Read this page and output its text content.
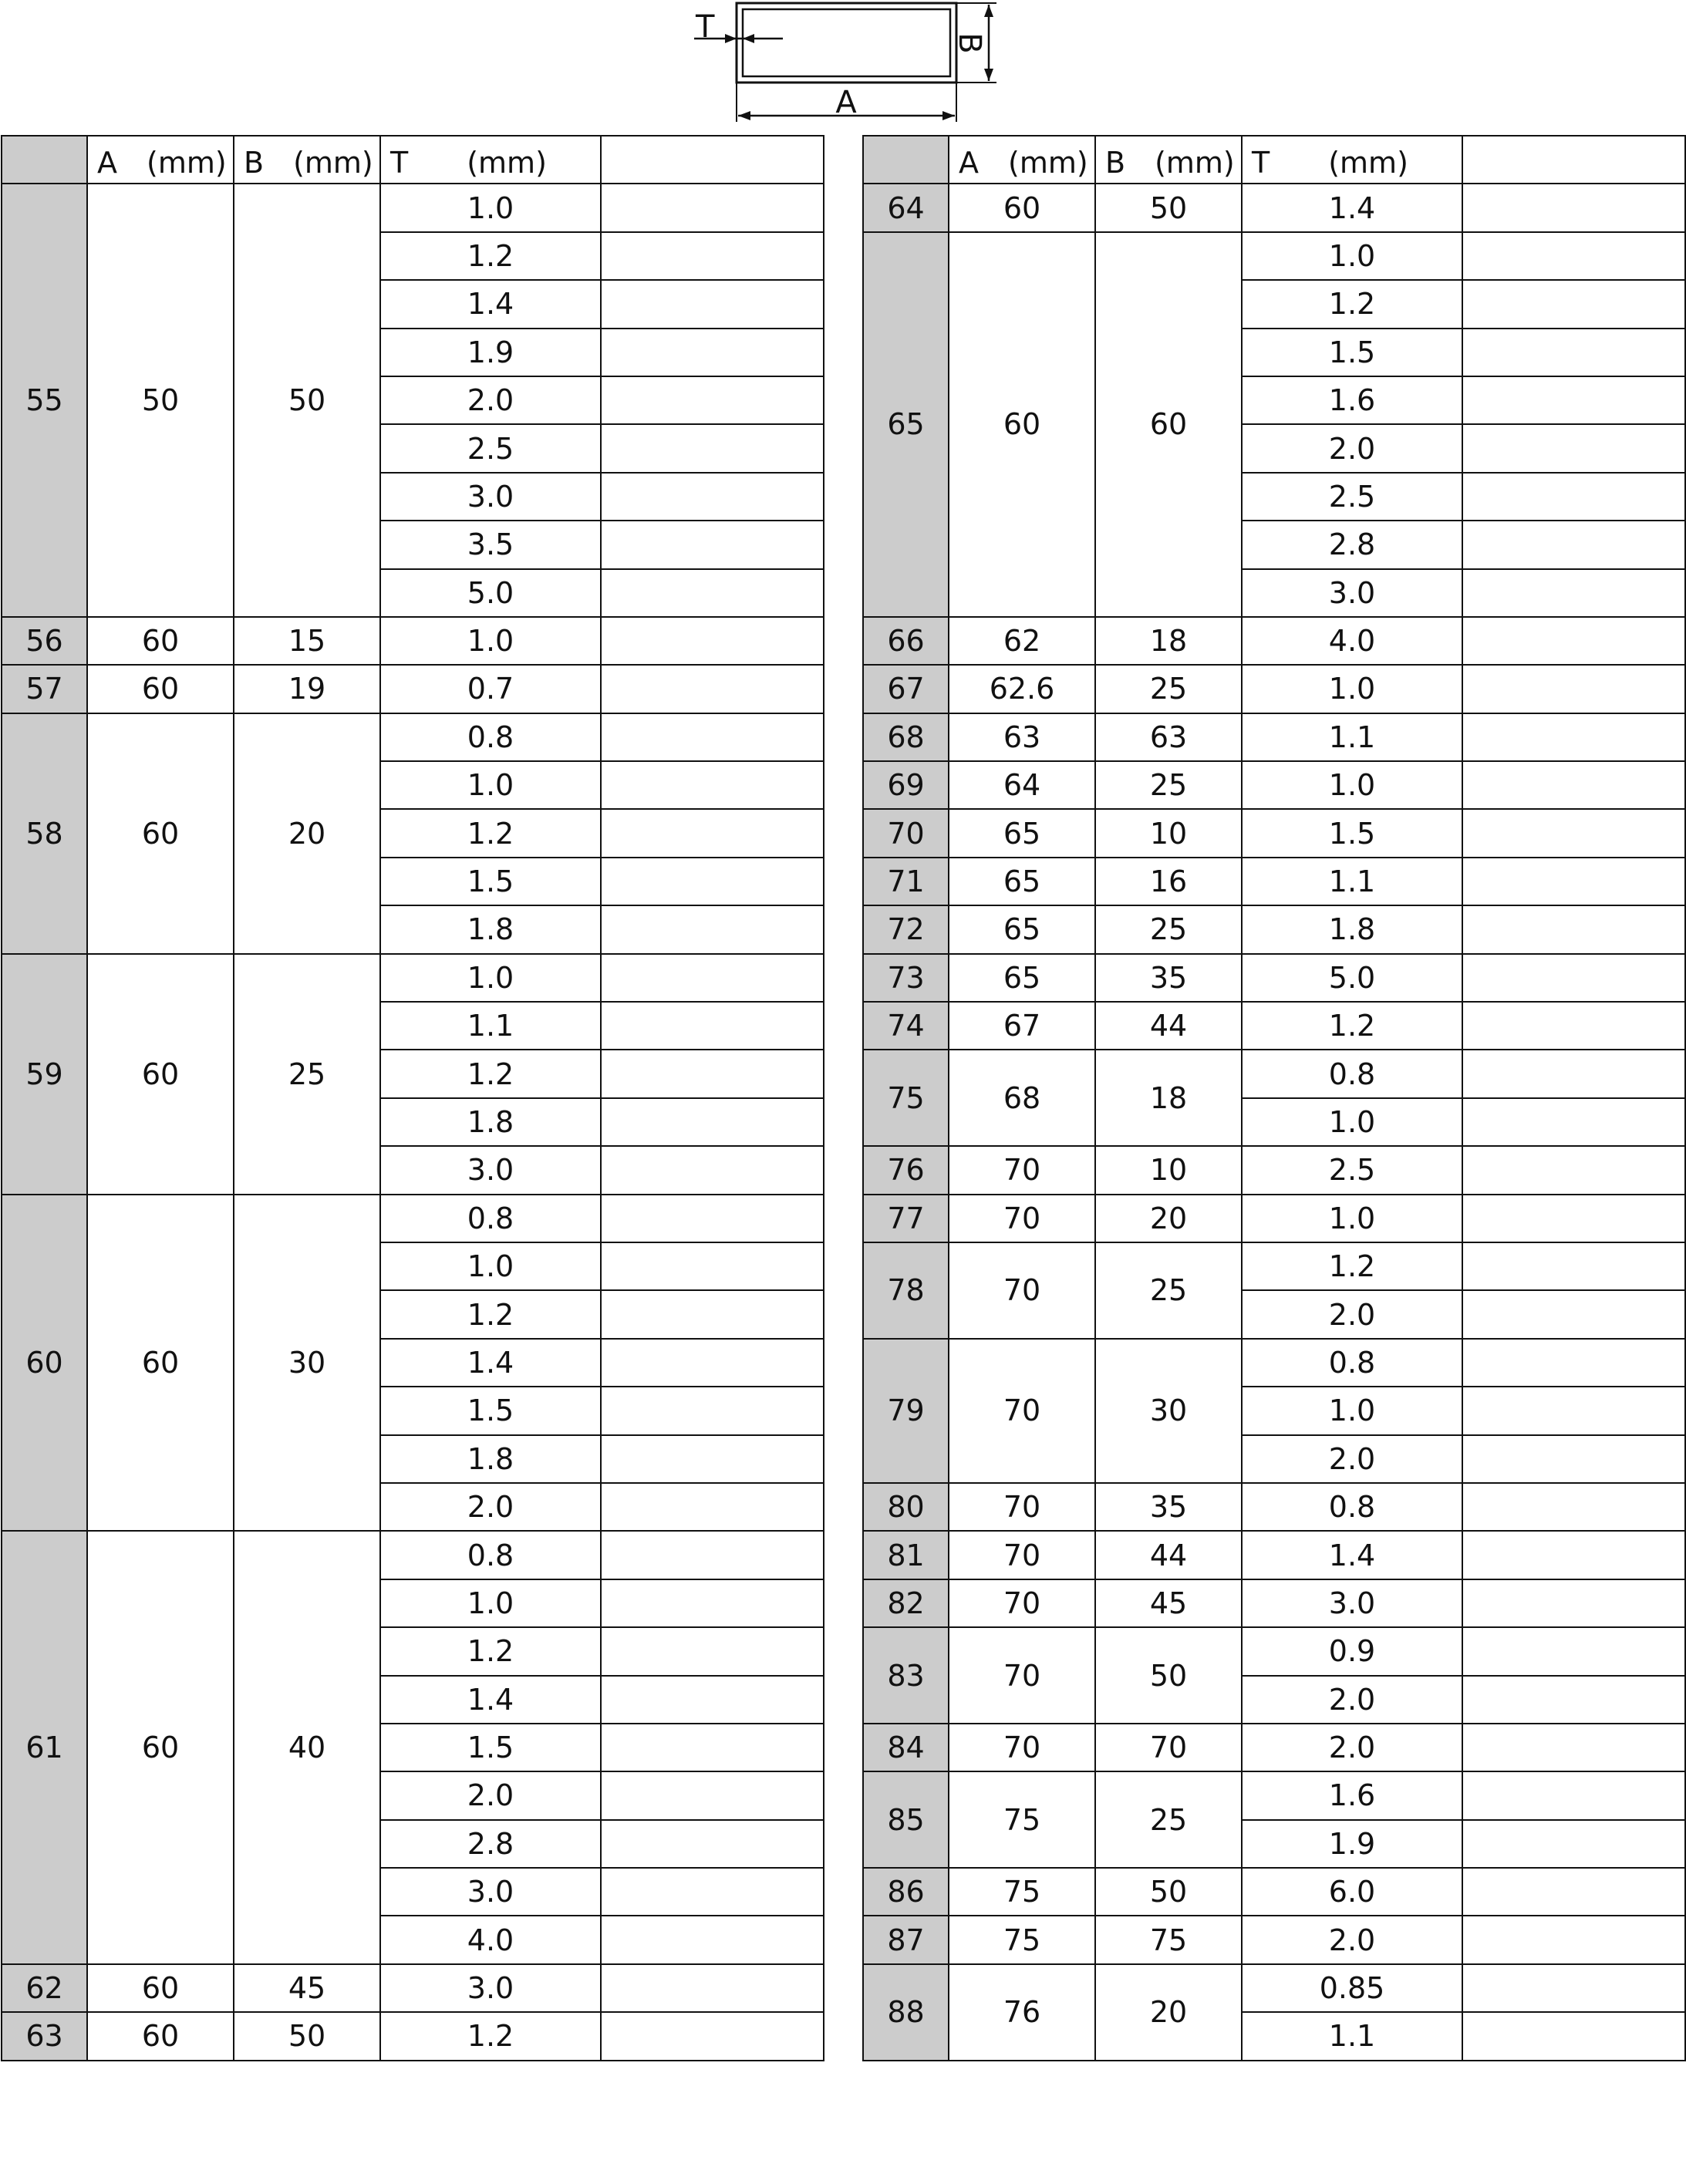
T	B
A
	A　(mm)	B　(mm)	T　　(mm)	
55	50	50	1.0	
			1.2	
			1.4	
			1.9	
			2.0	
			2.5	
			3.0	
			3.5	
			5.0	
56	60	15	1.0	
57	60	19	0.7	
58	60	20	0.8	
			1.0	
			1.2	
			1.5	
			1.8	
59	60	25	1.0	
			1.1	
			1.2	
			1.8	
			3.0	
60	60	30	0.8	
			1.0	
			1.2	
			1.4	
			1.5	
			1.8	
			2.0	
61	60	40	0.8	
			1.0	
			1.2	
			1.4	
			1.5	
			2.0	
			2.8	
			3.0	
			4.0	
62	60	45	3.0	
63	60	50	1.2	
	A　(mm)	B　(mm)	T　　(mm)	
64	60	50	1.4	
65	60	60	1.0	
			1.2	
			1.5	
			1.6	
			2.0	
			2.5	
			2.8	
			3.0	
66	62	18	4.0	
67	62.6	25	1.0	
68	63	63	1.1	
69	64	25	1.0	
70	65	10	1.5	
71	65	16	1.1	
72	65	25	1.8	
73	65	35	5.0	
74	67	44	1.2	
75	68	18	0.8	
			1.0	
76	70	10	2.5	
77	70	20	1.0	
78	70	25	1.2	
			2.0	
79	70	30	0.8	
			1.0	
			2.0	
80	70	35	0.8	
81	70	44	1.4	
82	70	45	3.0	
83	70	50	0.9	
			2.0	
84	70	70	2.0	
85	75	25	1.6	
			1.9	
86	75	50	6.0	
87	75	75	2.0	
88	76	20	0.85	
			1.1	
